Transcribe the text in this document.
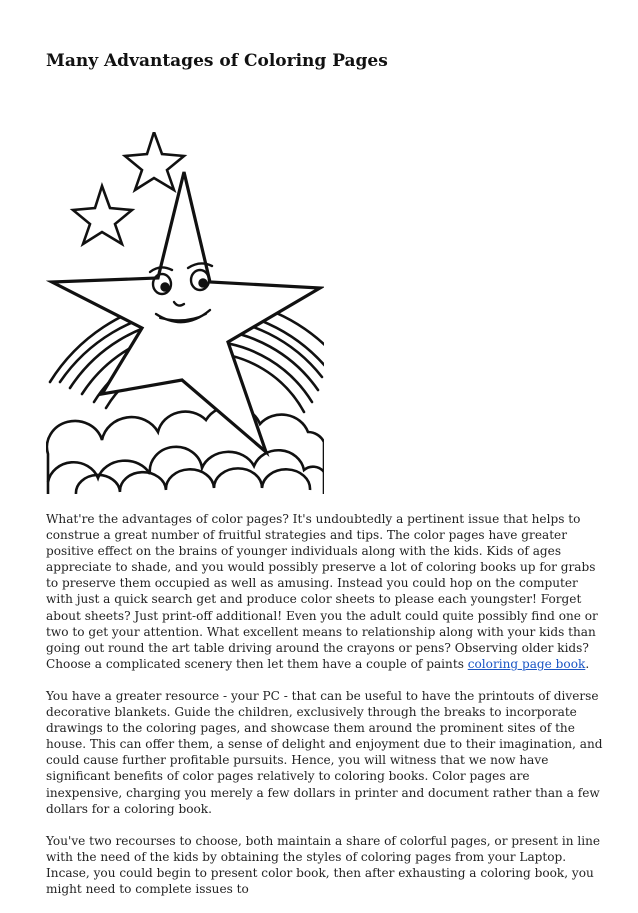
Many Advantages of Coloring Pages

What're the advantages of color pages? It's undoubtedly a pertinent issue that helps to construe a great number of fruitful strategies and tips. The color pages have greater positive effect on the brains of younger individuals along with the kids. Kids of ages appreciate to shade, and you would possibly preserve a lot of coloring books up for grabs to preserve them occupied as well as amusing. Instead you could hop on the computer with just a quick search get and produce color sheets to please each youngster! Forget about sheets? Just print-off additional! Even you the adult could quite possibly find one or two to get your attention. What excellent means to relationship along with your kids than going out round the art table driving around the crayons or pens? Observing older kids? Choose a complicated scenery then let them have a couple of paints coloring page book.

You have a greater resource - your PC - that can be useful to have the printouts of diverse decorative blankets. Guide the children, exclusively through the breaks to incorporate drawings to the coloring pages, and showcase them around the prominent sites of the house. This can offer them, a sense of delight and enjoyment due to their imagination, and could cause further profitable pursuits. Hence, you will witness that we now have significant benefits of color pages relatively to coloring books. Color pages are inexpensive, charging you merely a few dollars in printer and document rather than a few dollars for a coloring book.

You've two recourses to choose, both maintain a share of colorful pages, or present in line with the need of the kids by obtaining the styles of coloring pages from your Laptop. Incase, you could begin to present color book, then after exhausting a coloring book, you might need to complete issues to
